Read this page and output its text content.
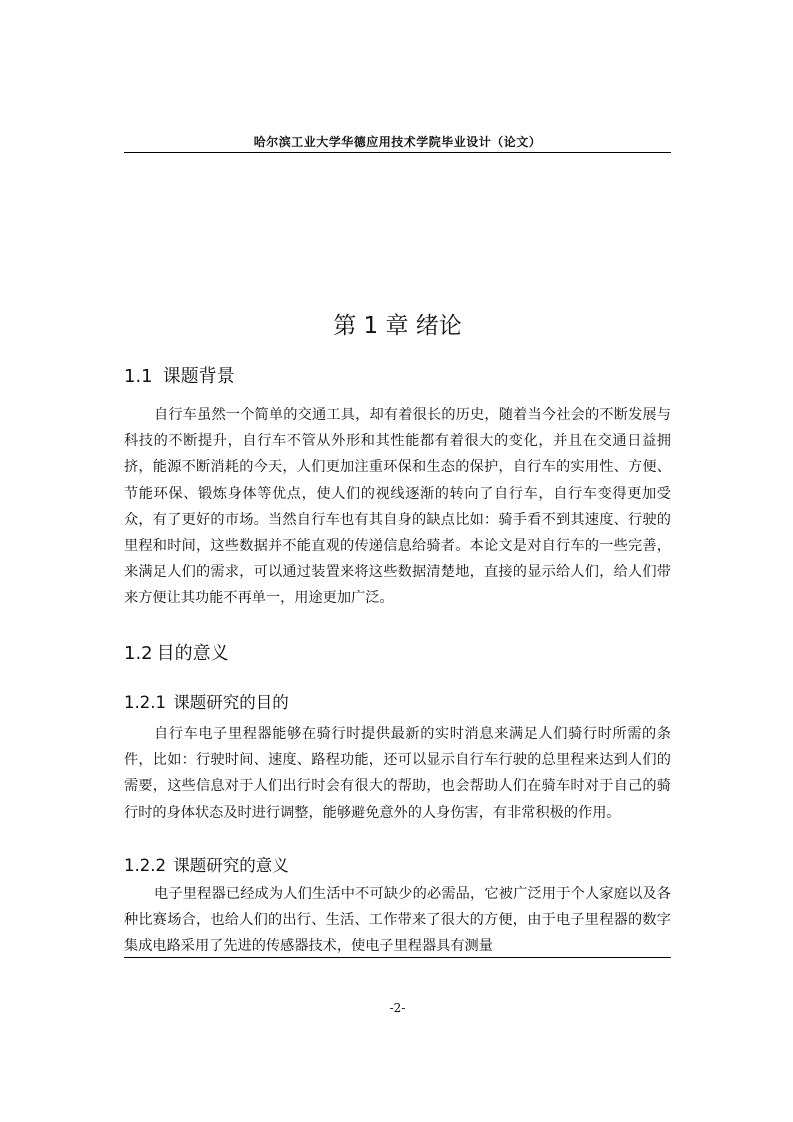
哈尔滨工业大学华德应用技术学院毕业设计（论文）
第 1 章 绪论
1.1 课题背景

自行车虽然一个简单的交通工具，却有着很长的历史，随着当今社会的不断发展与科技的不断提升，自行车不管从外形和其性能都有着很大的变化，并且在交通日益拥挤，能源不断消耗的今天，人们更加注重环保和生态的保护，自行车的实用性、方便、节能环保、锻炼身体等优点，使人们的视线逐渐的转向了自行车，自行车变得更加受众，有了更好的市场。当然自行车也有其自身的缺点比如：骑手看不到其速度、行驶的里程和时间，这些数据并不能直观的传递信息给骑者。本论文是对自行车的一些完善，来满足人们的需求，可以通过装置来将这些数据清楚地，直接的显示给人们，给人们带来方便让其功能不再单一，用途更加广泛。

1.2 目的意义
1.2.1 课题研究的目的

自行车电子里程器能够在骑行时提供最新的实时消息来满足人们骑行时所需的条件，比如：行驶时间、速度、路程功能，还可以显示自行车行驶的总里程来达到人们的需要，这些信息对于人们出行时会有很大的帮助，也会帮助人们在骑车时对于自己的骑行时的身体状态及时进行调整，能够避免意外的人身伤害，有非常积极的作用。

1.2.2 课题研究的意义

电子里程器已经成为人们生活中不可缺少的必需品，它被广泛用于个人家庭以及各种比赛场合，也给人们的出行、生活、工作带来了很大的方便，由于电子里程器的数字集成电路采用了先进的传感器技术，使电子里程器具有测量

-2-
